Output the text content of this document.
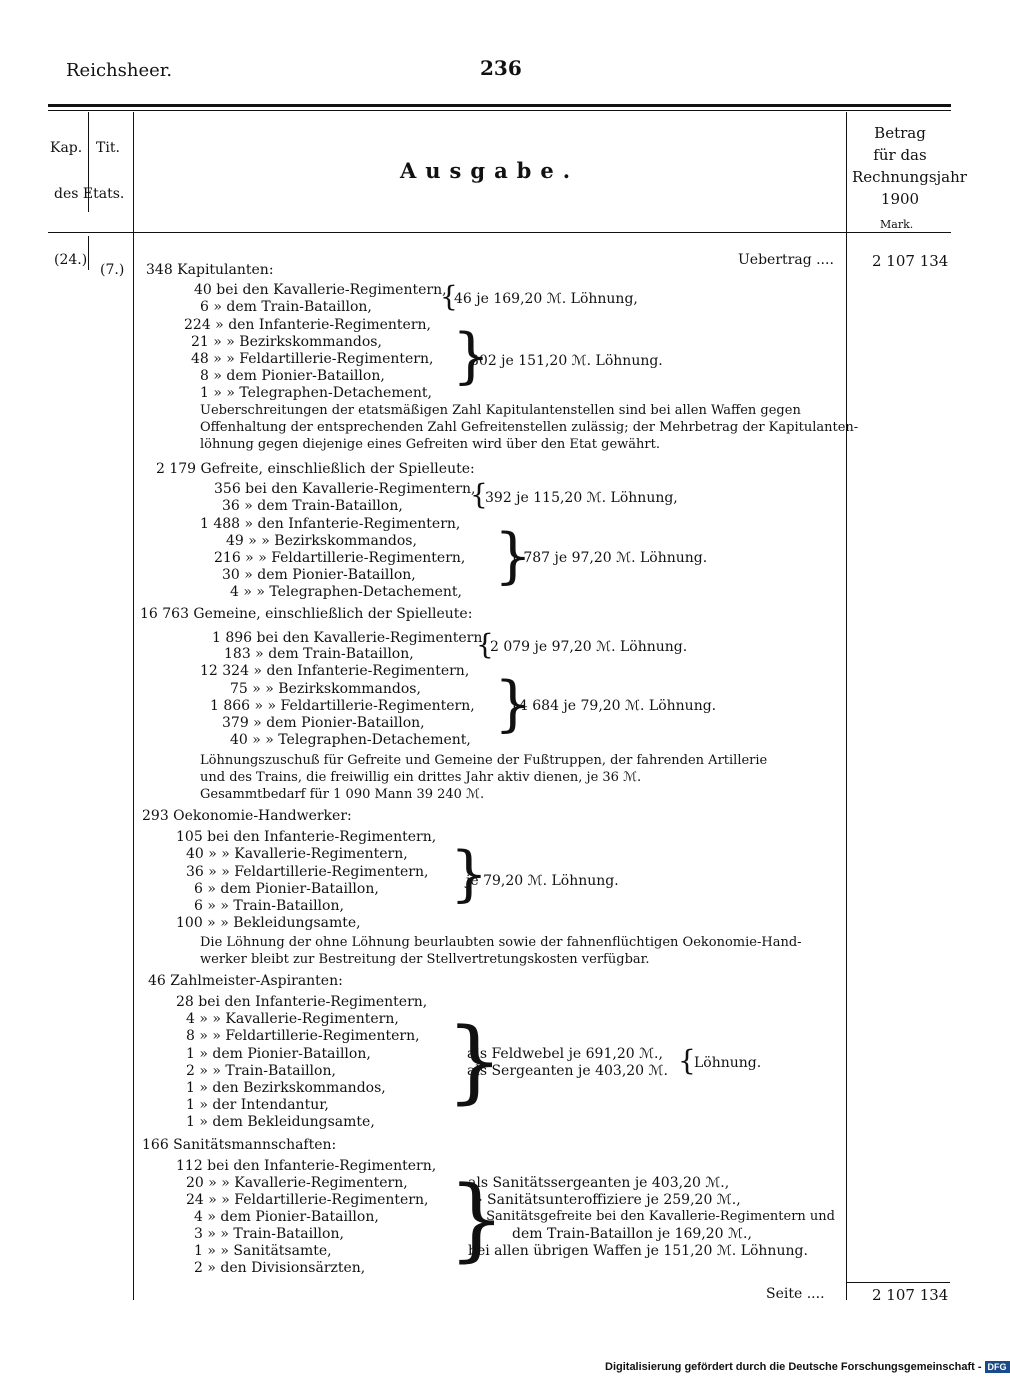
Reichsheer.	236
Kap. Tit.
des Etats.
Ausgabe.
Betrag
für das
Rechnungsjahr
1900
Mark.
(24.)
(7.)
Uebertrag ....	2 107 134
348 Kapitulanten:
40 bei den Kavallerie-Regimentern,
6 » dem Train-Bataillon,	46 je 169,20 ℳ. Löhnung,
224 » den Infanterie-Regimentern,
21 » » Bezirkskommandos,
48 » » Feldartillerie-Regimentern,	302 je 151,20 ℳ. Löhnung.
8 » dem Pionier-Bataillon,
1 » » Telegraphen-Detachement,
Ueberschreitungen der etatsmäßigen Zahl Kapitulantenstellen sind bei allen Waffen gegen
Offenhaltung der entsprechenden Zahl Gefreitenstellen zulässig; der Mehrbetrag der Kapitulanten-
löhnung gegen diejenige eines Gefreiten wird über den Etat gewährt.
2 179 Gefreite, einschließlich der Spielleute:
356 bei den Kavallerie-Regimentern,
36 » dem Train-Bataillon,	392 je 115,20 ℳ. Löhnung,
1 488 » den Infanterie-Regimentern,
49 » » Bezirkskommandos,
216 » » Feldartillerie-Regimentern,	1 787 je 97,20 ℳ. Löhnung.
30 » dem Pionier-Bataillon,
4 » » Telegraphen-Detachement,
16 763 Gemeine, einschließlich der Spielleute:
1 896 bei den Kavallerie-Regimentern,
183 » dem Train-Bataillon,	2 079 je 97,20 ℳ. Löhnung.
12 324 » den Infanterie-Regimentern,
75 » » Bezirkskommandos,
1 866 » » Feldartillerie-Regimentern,	14 684 je 79,20 ℳ. Löhnung.
379 » dem Pionier-Bataillon,
40 » » Telegraphen-Detachement,
Löhnungszuschuß für Gefreite und Gemeine der Fußtruppen, der fahrenden Artillerie
und des Trains, die freiwillig ein drittes Jahr aktiv dienen, je 36 ℳ.
Gesammtbedarf für 1 090 Mann 39 240 ℳ.
293 Oekonomie-Handwerker:
105 bei den Infanterie-Regimentern,
40 » » Kavallerie-Regimentern,
36 » » Feldartillerie-Regimentern,
je 79,20 ℳ. Löhnung.
6 » dem Pionier-Bataillon,
6 » » Train-Bataillon,
100 » » Bekleidungsamte,
Die Löhnung der ohne Löhnung beurlaubten sowie der fahnenflüchtigen Oekonomie-Hand-
werker bleibt zur Bestreitung der Stellvertretungskosten verfügbar.
46 Zahlmeister-Aspiranten:
28 bei den Infanterie-Regimentern,
4 » » Kavallerie-Regimentern,
8 » » Feldartillerie-Regimentern,
1 » dem Pionier-Bataillon,	als Feldwebel je 691,20 ℳ.,
Löhnung.
2 » » Train-Bataillon,	als Sergeanten je 403,20 ℳ.
1 » den Bezirkskommandos,
1 » der Intendantur,
1 » dem Bekleidungsamte,
166 Sanitätsmannschaften:
112 bei den Infanterie-Regimentern,
20 » » Kavallerie-Regimentern,	als Sanitätssergeanten je 403,20 ℳ.,
24 » » Feldartillerie-Regimentern,	» Sanitätsunteroffiziere je 259,20 ℳ.,
4 » dem Pionier-Bataillon,	» Sanitätsgefreite bei den Kavallerie-Regimentern und
3 » » Train-Bataillon,	dem Train-Bataillon je 169,20 ℳ.,
1 » » Sanitätsamte,	bei allen übrigen Waffen je 151,20 ℳ. Löhnung.
2 » den Divisionsärzten,
{
}
{
}
{
}
}
}	{
}
Seite ....	2 107 134
Digitalisierung gefördert durch die Deutsche Forschungsgemeinschaft - DFG
